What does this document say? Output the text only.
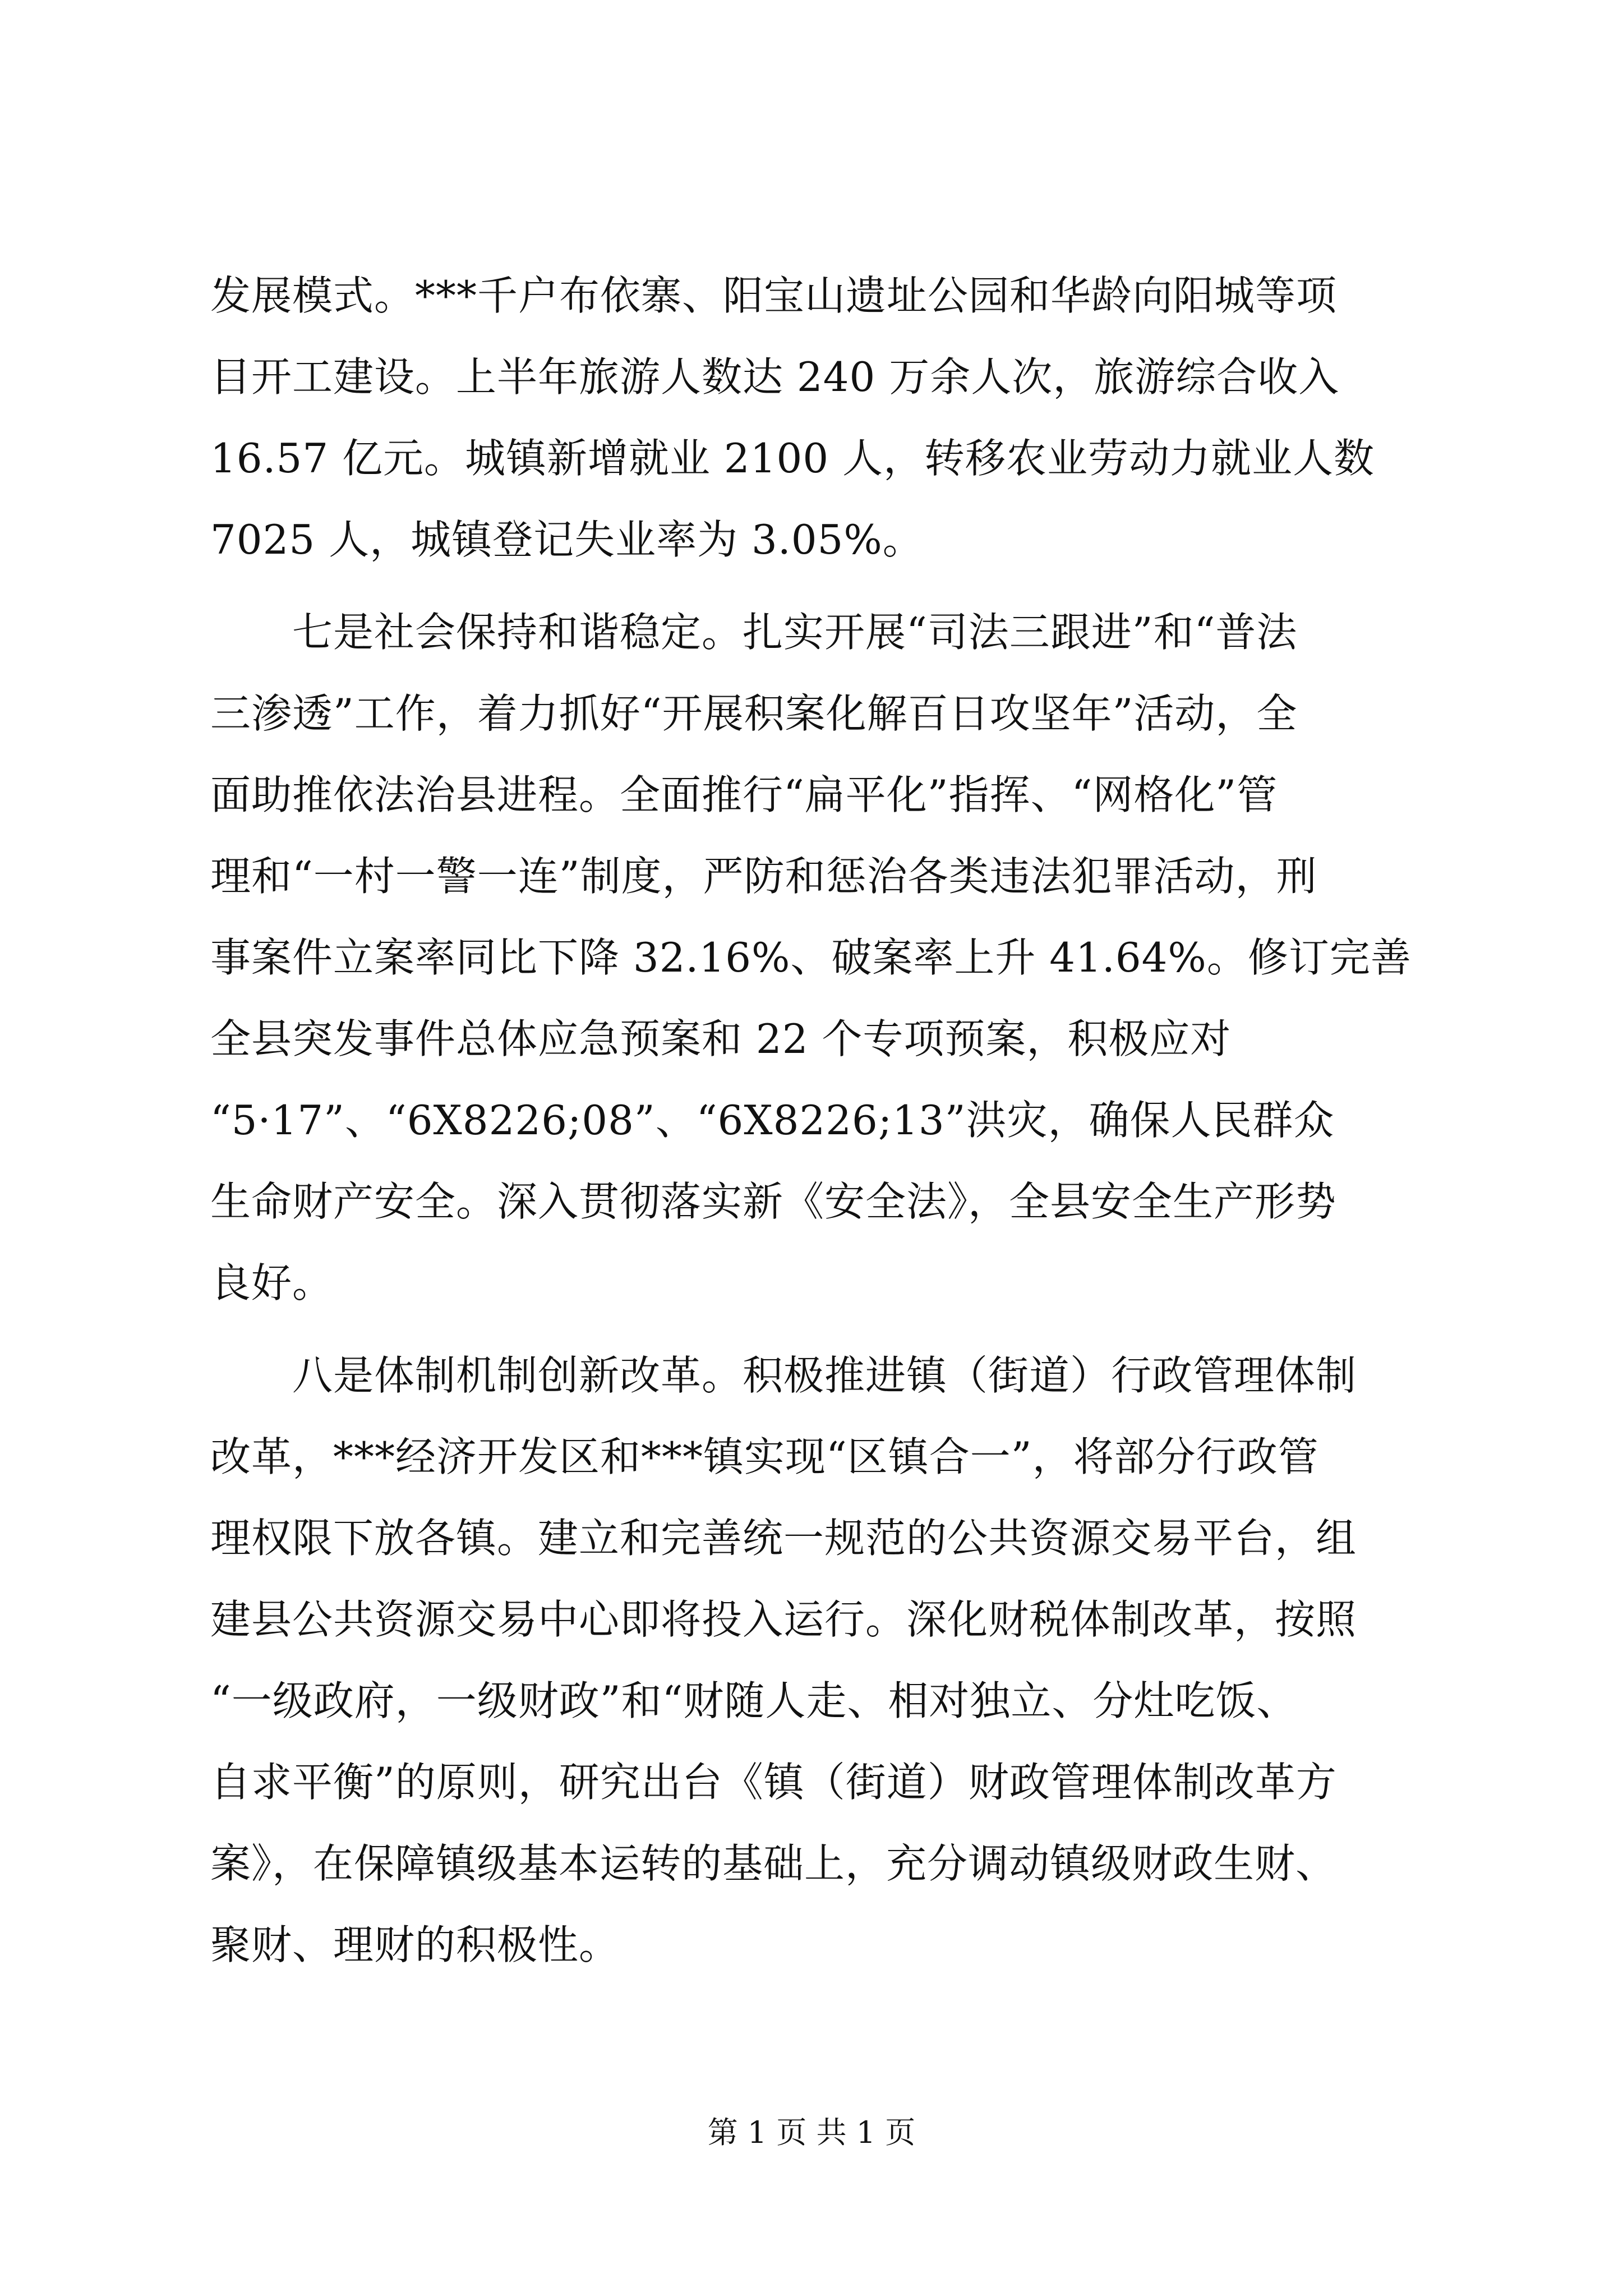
发展模式。***千户布依寨、阳宝山遗址公园和华龄向阳城等项
目开工建设。上半年旅游人数达 240 万余人次，旅游综合收入
16.57 亿元。城镇新增就业 2100 人，转移农业劳动力就业人数
7025 人，城镇登记失业率为 3.05%。
　　七是社会保持和谐稳定。扎实开展“司法三跟进”和“普法
三渗透”工作，着力抓好“开展积案化解百日攻坚年”活动，全
面助推依法治县进程。全面推行“扁平化”指挥、“网格化”管
理和“一村一警一连”制度，严防和惩治各类违法犯罪活动，刑
事案件立案率同比下降 32.16%、破案率上升 41.64%。修订完善
全县突发事件总体应急预案和 22 个专项预案，积极应对
“5·17”、“6X8226;08”、“6X8226;13”洪灾，确保人民群众
生命财产安全。深入贯彻落实新《安全法》，全县安全生产形势
良好。
　　八是体制机制创新改革。积极推进镇（街道）行政管理体制
改革，***经济开发区和***镇实现“区镇合一”，将部分行政管
理权限下放各镇。建立和完善统一规范的公共资源交易平台，组
建县公共资源交易中心即将投入运行。深化财税体制改革，按照
“一级政府，一级财政”和“财随人走、相对独立、分灶吃饭、
自求平衡”的原则，研究出台《镇（街道）财政管理体制改革方
案》，在保障镇级基本运转的基础上，充分调动镇级财政生财、
聚财、理财的积极性。
第 1 页 共 1 页
